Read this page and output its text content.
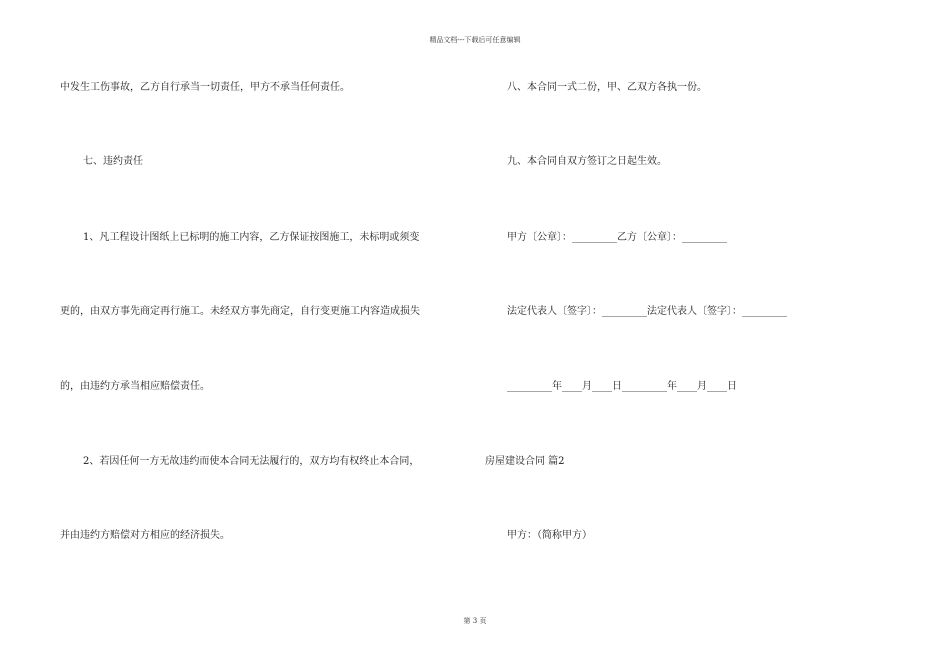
精品文档---下载后可任意编辑
中发生工伤事故，乙方自行承当一切责任，甲方不承当任何责任。
七、违约责任
1、凡工程设计图纸上已标明的施工内容，乙方保证按图施工，未标明或须变
更的，由双方事先商定再行施工。未经双方事先商定，自行变更施工内容造成损失
的，由违约方承当相应赔偿责任。
2、若因任何一方无故违约而使本合同无法履行的，双方均有权终止本合同，
并由违约方赔偿对方相应的经济损失。
八、本合同一式二份，甲、乙双方各执一份。
九、本合同自双方签订之日起生效。
甲方〔公章〕：_________乙方〔公章〕：_________
法定代表人〔签字〕：_________法定代表人〔签字〕：_________
_________年____月____日_________年____月____日
房屋建设合同 篇2
甲方：（简称甲方）
第 3 页
